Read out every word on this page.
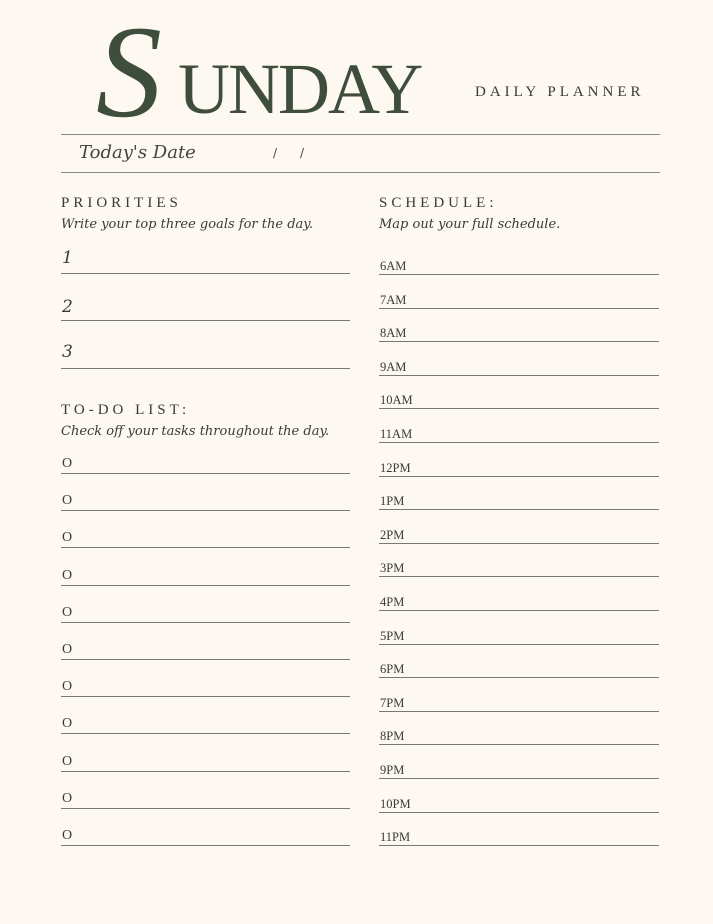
S UNDAY	DAILY PLANNER
Today's Date	/ /
PRIORITIES
Write your top three goals for the day.
1
2
3
TO-DO LIST:
Check off your tasks throughout the day.
O
O
O
O
O
O
O
O
O
O
O
SCHEDULE:
Map out your full schedule.
6AM
7AM
8AM
9AM
10AM
11AM
12PM
1PM
2PM
3PM
4PM
5PM
6PM
7PM
8PM
9PM
10PM
11PM
